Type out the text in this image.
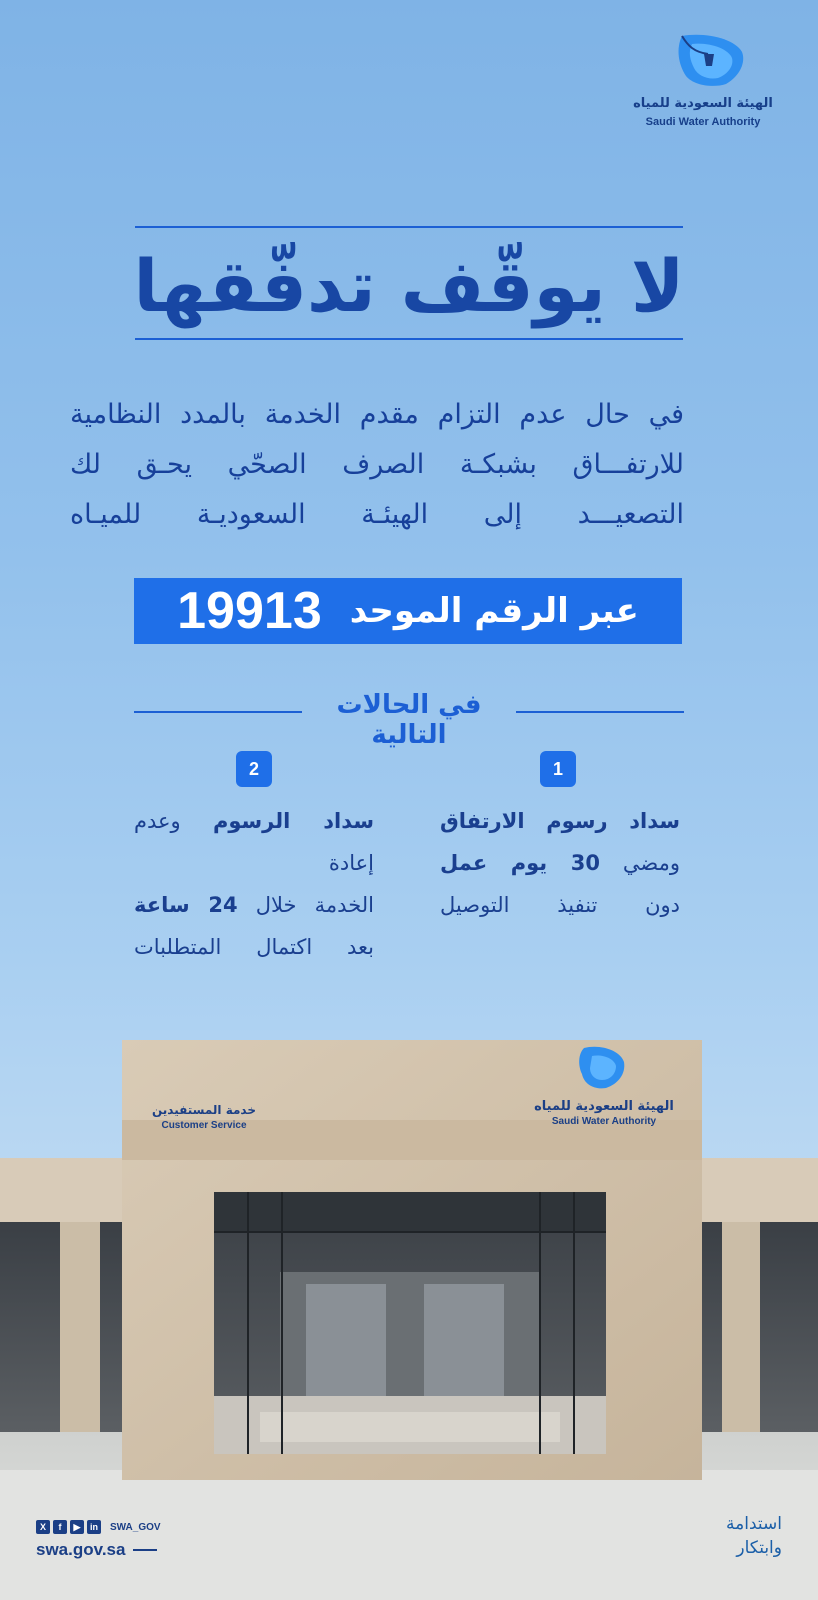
الهيئة السعودية للمياه
Saudi Water Authority
لا يوقّف تدفّقها
في حال عدم التزام مقدم الخدمة بالمدد النظامية
للارتفـــاق بشبكـة الصرف الصحّي يحـق لك
التصعيـــد إلى الهيئـة السعوديـة للميـاه
عبر الرقم الموحد
19913
في الحالات التالية
1
2
سداد رسوم الارتفاق
ومضي 30 يوم عمل
دون تنفيذ التوصيل
سداد الرسوم وعدم إعادة
الخدمة خلال 24 ساعة
بعد اكتمال المتطلبات
الهيئة السعودية للمياه
Saudi Water Authority
خدمة المستفيدين
Customer Service
X	f	▶	in	SWA_GOV
swa.gov.sa
استدامة
وابتكار
